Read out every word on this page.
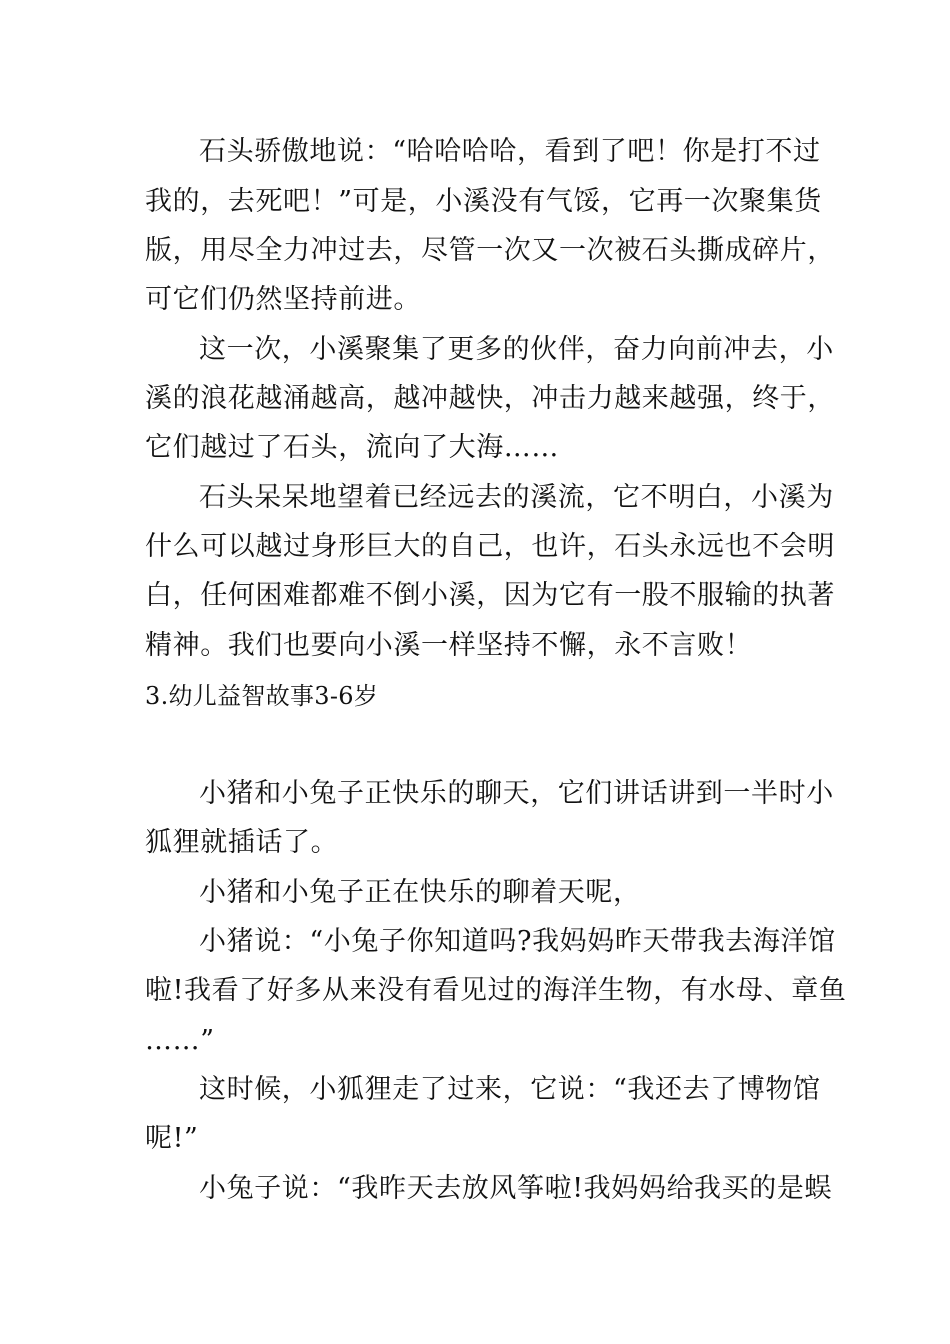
石头骄傲地说：“哈哈哈哈，看到了吧！你是打不过
我的，去死吧！”可是，小溪没有气馁，它再一次聚集货
版，用尽全力冲过去，尽管一次又一次被石头撕成碎片，
可它们仍然坚持前进。
这一次，小溪聚集了更多的伙伴，奋力向前冲去，小
溪的浪花越涌越高，越冲越快，冲击力越来越强，终于，
它们越过了石头，流向了大海……
石头呆呆地望着已经远去的溪流，它不明白，小溪为
什么可以越过身形巨大的自己，也许，石头永远也不会明
白，任何困难都难不倒小溪，因为它有一股不服输的执著
精神。我们也要向小溪一样坚持不懈，永不言败！
3.幼儿益智故事3-6岁
小猪和小兔子正快乐的聊天，它们讲话讲到一半时小
狐狸就插话了。
小猪和小兔子正在快乐的聊着天呢，
小猪说：“小兔子你知道吗?我妈妈昨天带我去海洋馆
啦!我看了好多从来没有看见过的海洋生物，有水母、章鱼
……”
这时候，小狐狸走了过来，它说：“我还去了博物馆
呢!”
小兔子说：“我昨天去放风筝啦!我妈妈给我买的是蜈
